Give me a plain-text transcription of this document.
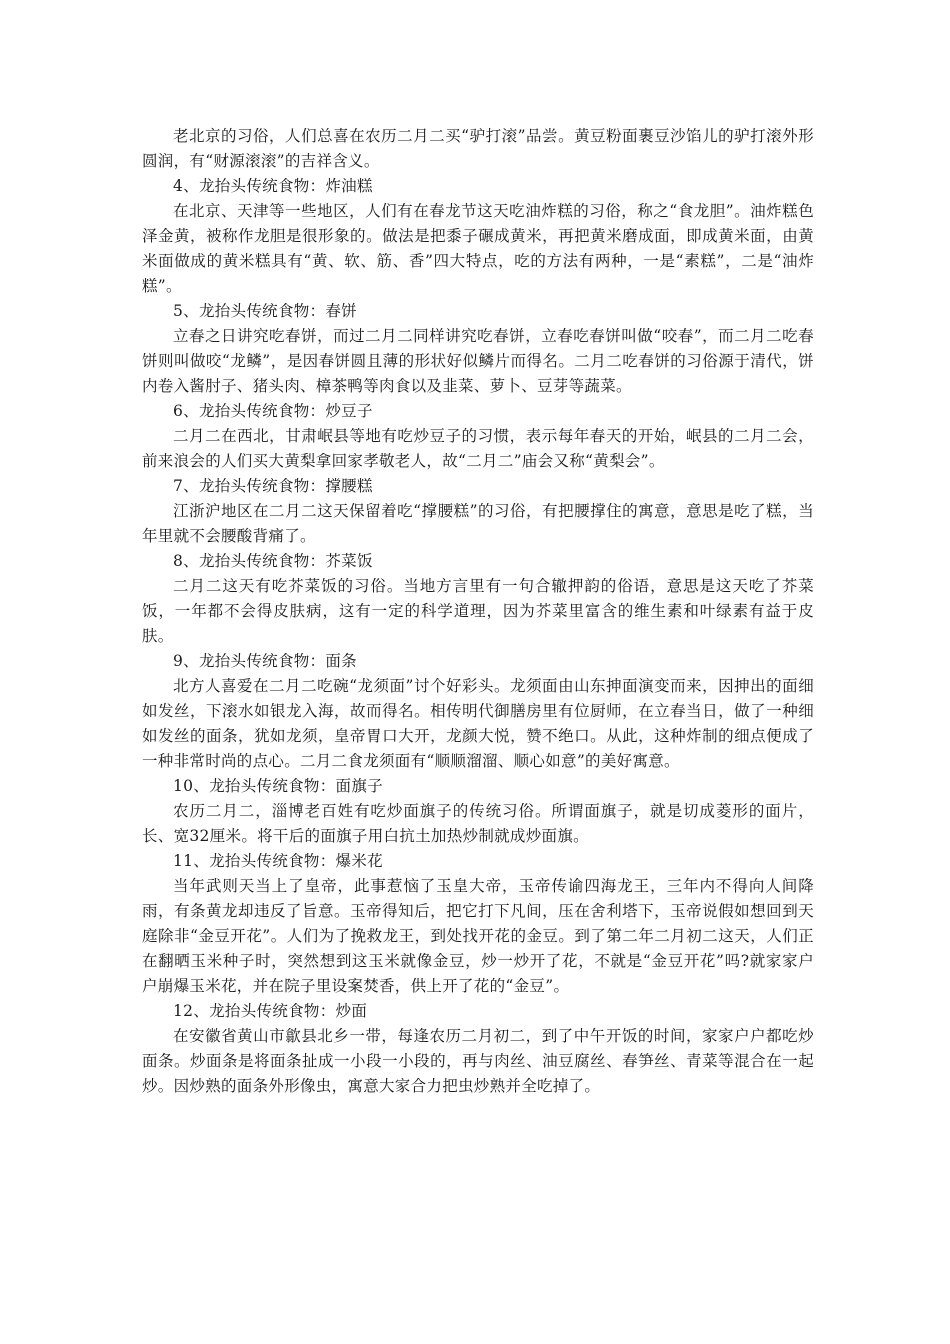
老北京的习俗，人们总喜在农历二月二买“驴打滚”品尝。黄豆粉面裹豆沙馅儿的驴打滚外形圆润，有“财源滚滚”的吉祥含义。

4、龙抬头传统食物：炸油糕

在北京、天津等一些地区，人们有在春龙节这天吃油炸糕的习俗，称之“食龙胆”。油炸糕色泽金黄，被称作龙胆是很形象的。做法是把黍子碾成黄米，再把黄米磨成面，即成黄米面，由黄米面做成的黄米糕具有“黄、软、筋、香”四大特点，吃的方法有两种，一是“素糕”，二是“油炸糕”。

5、龙抬头传统食物：春饼

立春之日讲究吃春饼，而过二月二同样讲究吃春饼，立春吃春饼叫做“咬春”，而二月二吃春饼则叫做咬“龙鳞”，是因春饼圆且薄的形状好似鳞片而得名。二月二吃春饼的习俗源于清代，饼内卷入酱肘子、猪头肉、樟茶鸭等肉食以及韭菜、萝卜、豆芽等蔬菜。

6、龙抬头传统食物：炒豆子

二月二在西北，甘肃岷县等地有吃炒豆子的习惯，表示每年春天的开始，岷县的二月二会，前来浪会的人们买大黄梨拿回家孝敬老人，故“二月二”庙会又称“黄梨会”。

7、龙抬头传统食物：撑腰糕

江浙沪地区在二月二这天保留着吃“撑腰糕”的习俗，有把腰撑住的寓意，意思是吃了糕，当年里就不会腰酸背痛了。

8、龙抬头传统食物：芥菜饭

二月二这天有吃芥菜饭的习俗。当地方言里有一句合辙押韵的俗语，意思是这天吃了芥菜饭，一年都不会得皮肤病，这有一定的科学道理，因为芥菜里富含的维生素和叶绿素有益于皮肤。

9、龙抬头传统食物：面条

北方人喜爱在二月二吃碗“龙须面”讨个好彩头。龙须面由山东抻面演变而来，因抻出的面细如发丝，下滚水如银龙入海，故而得名。相传明代御膳房里有位厨师，在立春当日，做了一种细如发丝的面条，犹如龙须，皇帝胃口大开，龙颜大悦，赞不绝口。从此，这种炸制的细点便成了一种非常时尚的点心。二月二食龙须面有“顺顺溜溜、顺心如意”的美好寓意。

10、龙抬头传统食物：面旗子

农历二月二，淄博老百姓有吃炒面旗子的传统习俗。所谓面旗子，就是切成菱形的面片，长、宽32厘米。将干后的面旗子用白抗土加热炒制就成炒面旗。

11、龙抬头传统食物：爆米花

当年武则天当上了皇帝，此事惹恼了玉皇大帝，玉帝传谕四海龙王，三年内不得向人间降雨，有条黄龙却违反了旨意。玉帝得知后，把它打下凡间，压在舍利塔下，玉帝说假如想回到天庭除非“金豆开花”。人们为了挽救龙王，到处找开花的金豆。到了第二年二月初二这天，人们正在翻晒玉米种子时，突然想到这玉米就像金豆，炒一炒开了花，不就是“金豆开花”吗?就家家户户崩爆玉米花，并在院子里设案焚香，供上开了花的“金豆”。

12、龙抬头传统食物：炒面

在安徽省黄山市歙县北乡一带，每逢农历二月初二，到了中午开饭的时间，家家户户都吃炒面条。炒面条是将面条扯成一小段一小段的，再与肉丝、油豆腐丝、春笋丝、青菜等混合在一起炒。因炒熟的面条外形像虫，寓意大家合力把虫炒熟并全吃掉了。
